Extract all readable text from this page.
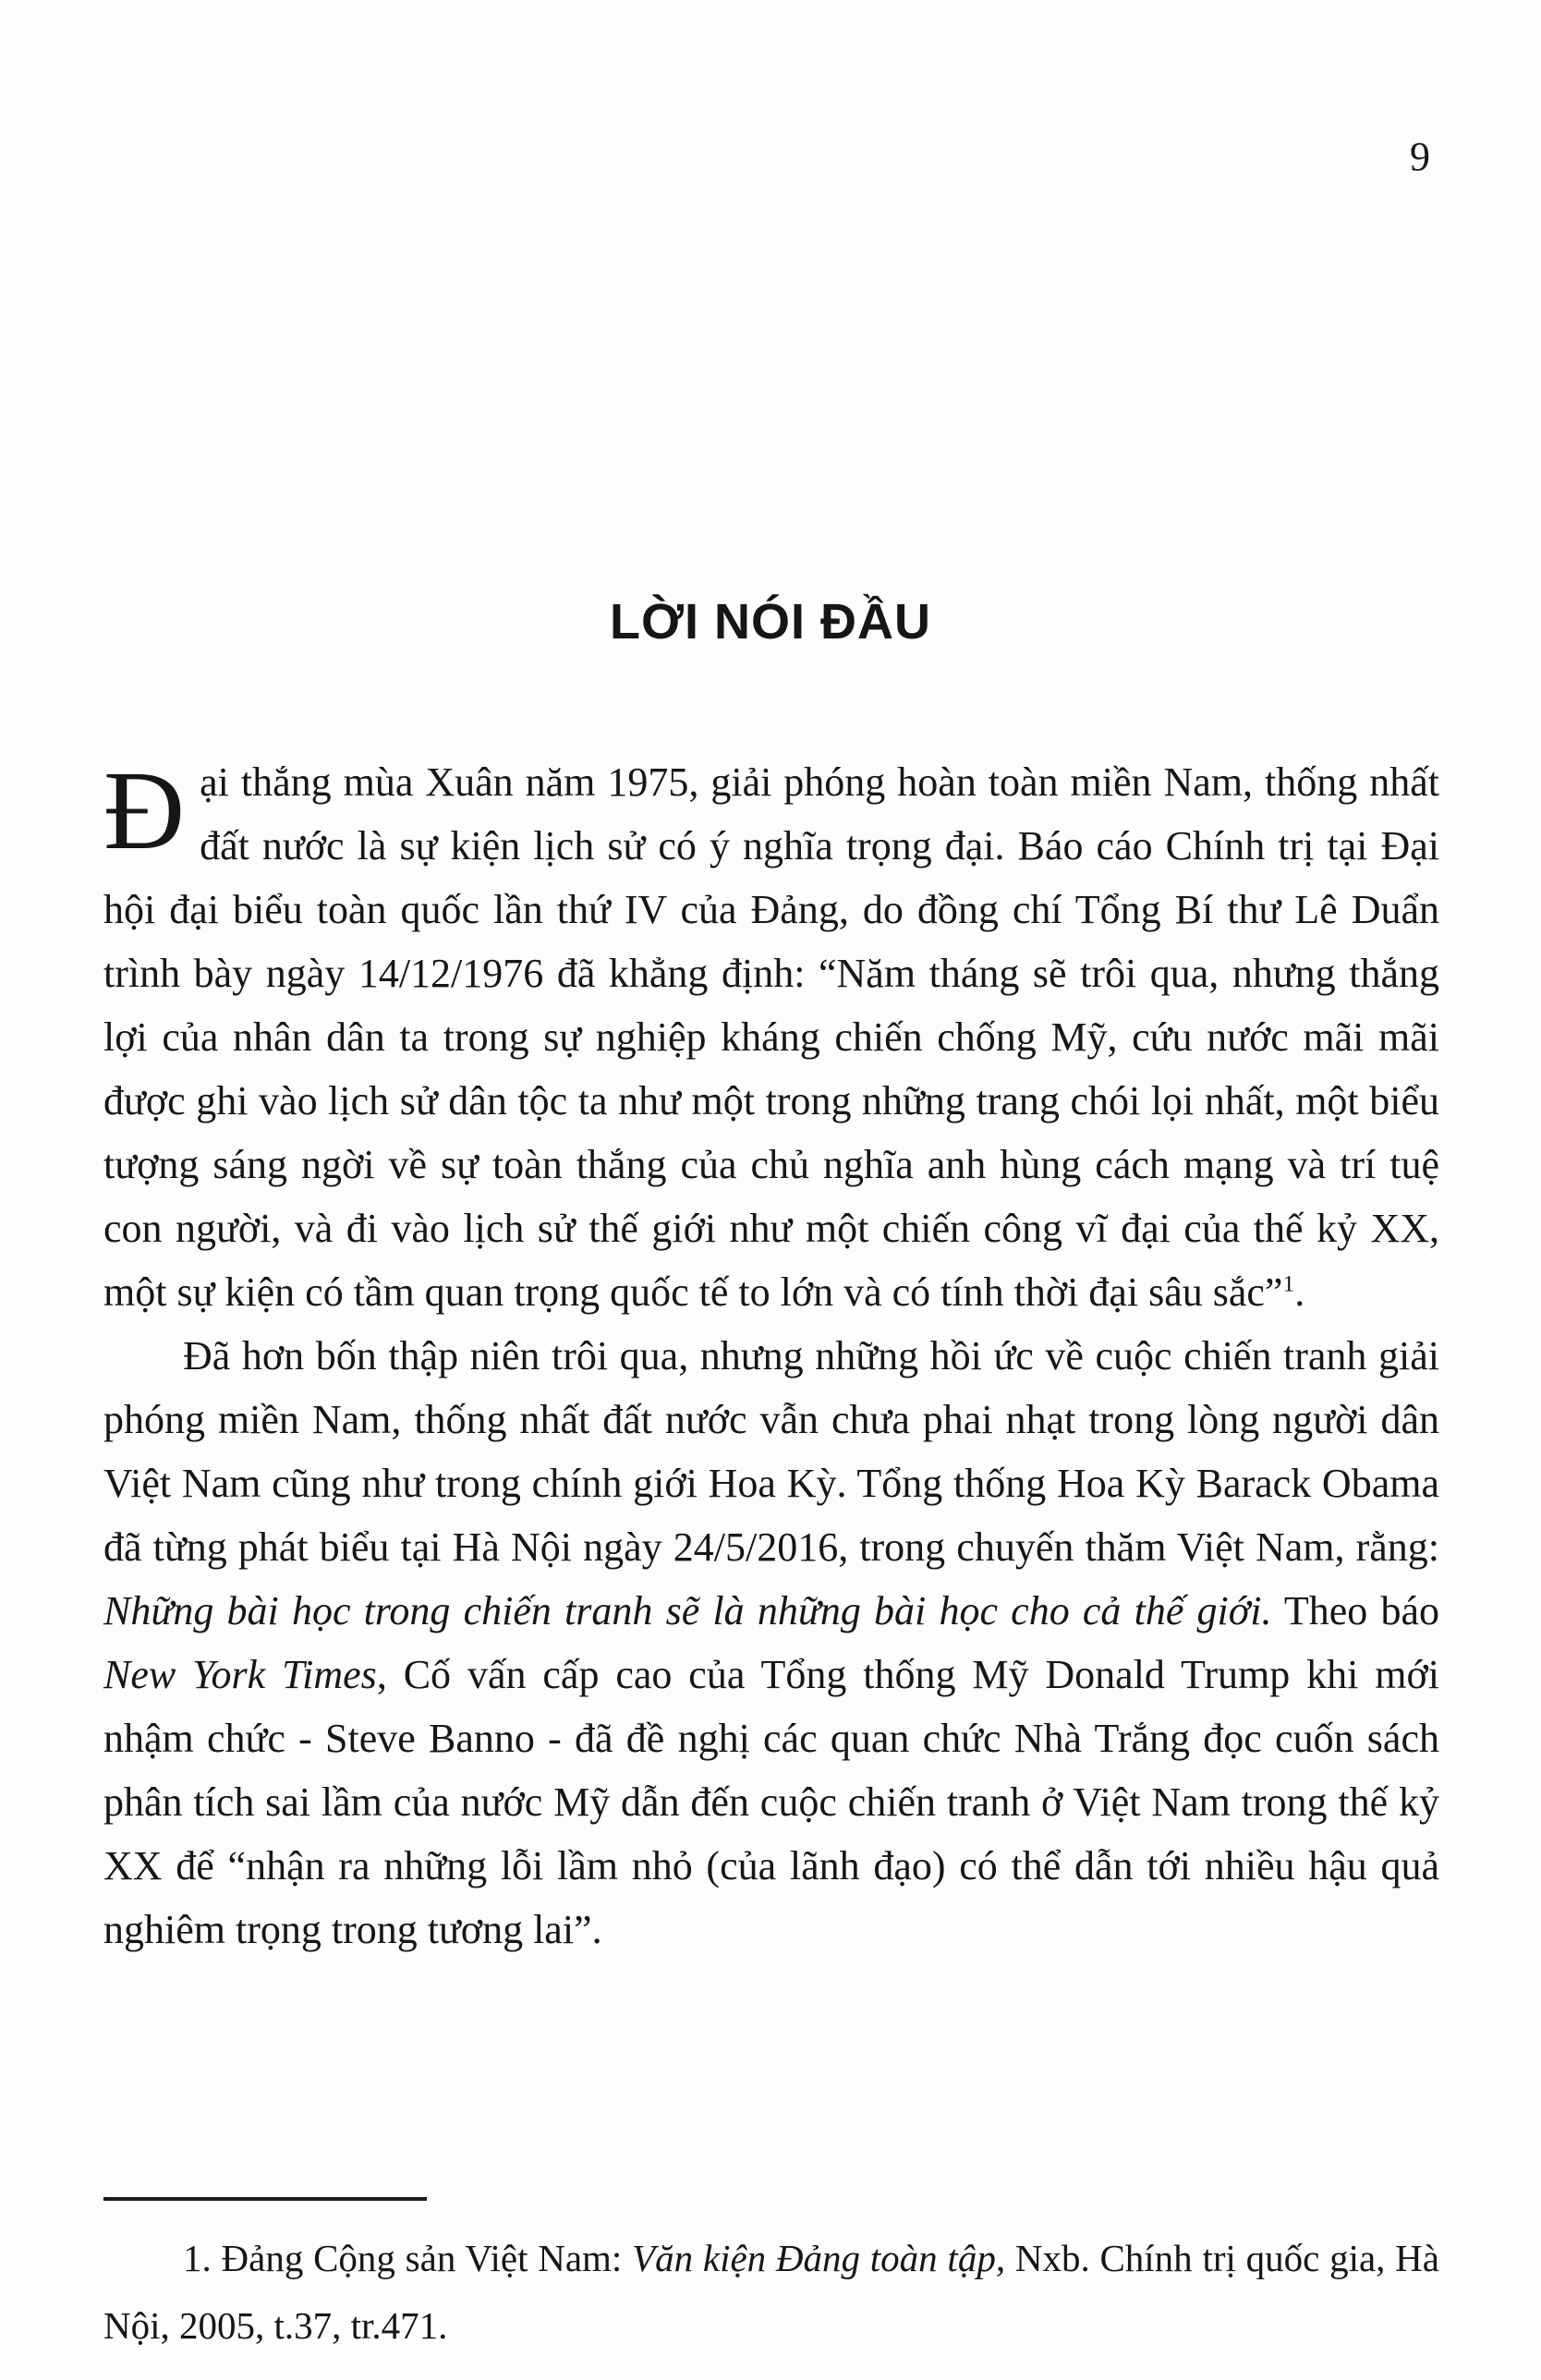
9
LỜI NÓI ĐẦU

Đại thắng mùa Xuân năm 1975, giải phóng hoàn toàn miền Nam, thống nhất đất nước là sự kiện lịch sử có ý nghĩa trọng đại. Báo cáo Chính trị tại Đại hội đại biểu toàn quốc lần thứ IV của Đảng, do đồng chí Tổng Bí thư Lê Duẩn trình bày ngày 14/12/1976 đã khẳng định: “Năm tháng sẽ trôi qua, nhưng thắng lợi của nhân dân ta trong sự nghiệp kháng chiến chống Mỹ, cứu nước mãi mãi được ghi vào lịch sử dân tộc ta như một trong những trang chói lọi nhất, một biểu tượng sáng ngời về sự toàn thắng của chủ nghĩa anh hùng cách mạng và trí tuệ con người, và đi vào lịch sử thế giới như một chiến công vĩ đại của thế kỷ XX, một sự kiện có tầm quan trọng quốc tế to lớn và có tính thời đại sâu sắc”$^1$.

Đã hơn bốn thập niên trôi qua, nhưng những hồi ức về cuộc chiến tranh giải phóng miền Nam, thống nhất đất nước vẫn chưa phai nhạt trong lòng người dân Việt Nam cũng như trong chính giới Hoa Kỳ. Tổng thống Hoa Kỳ Barack Obama đã từng phát biểu tại Hà Nội ngày 24/5/2016, trong chuyến thăm Việt Nam, rằng: Những bài học trong chiến tranh sẽ là những bài học cho cả thế giới. Theo báo New York Times, Cố vấn cấp cao của Tổng thống Mỹ Donald Trump khi mới nhậm chức - Steve Banno - đã đề nghị các quan chức Nhà Trắng đọc cuốn sách phân tích sai lầm của nước Mỹ dẫn đến cuộc chiến tranh ở Việt Nam trong thế kỷ XX để “nhận ra những lỗi lầm nhỏ (của lãnh đạo) có thể dẫn tới nhiều hậu quả nghiêm trọng trong tương lai”.

1. Đảng Cộng sản Việt Nam: Văn kiện Đảng toàn tập, Nxb. Chính trị quốc gia, Hà Nội, 2005, t.37, tr.471.
